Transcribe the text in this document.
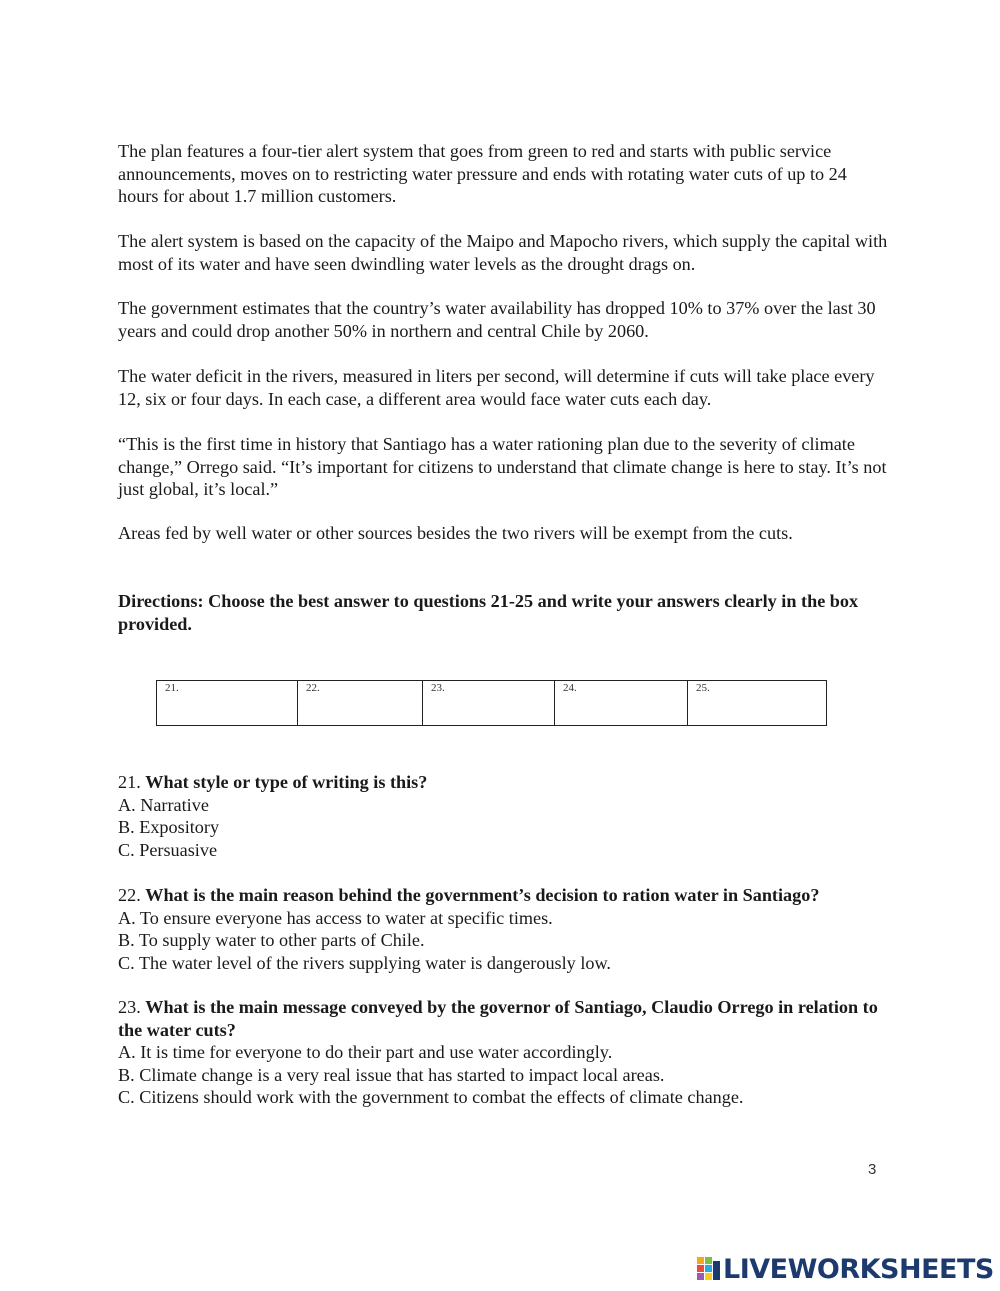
The plan features a four-tier alert system that goes from green to red and starts with public service announcements, moves on to restricting water pressure and ends with rotating water cuts of up to 24 hours for about 1.7 million customers.

The alert system is based on the capacity of the Maipo and Mapocho rivers, which supply the capital with most of its water and have seen dwindling water levels as the drought drags on.

The government estimates that the country’s water availability has dropped 10% to 37% over the last 30 years and could drop another 50% in northern and central Chile by 2060.

The water deficit in the rivers, measured in liters per second, will determine if cuts will take place every 12, six or four days. In each case, a different area would face water cuts each day.

“This is the first time in history that Santiago has a water rationing plan due to the severity of climate change,” Orrego said. “It’s important for citizens to understand that climate change is here to stay. It’s not just global, it’s local.”

Areas fed by well water or other sources besides the two rivers will be exempt from the cuts.

Directions: Choose the best answer to questions 21-25 and write your answers clearly in the box provided.

21.	22.	23.	24.	25.

21. What style or type of writing is this?

A. Narrative

B. Expository

C. Persuasive

22. What is the main reason behind the government’s decision to ration water in Santiago?

A. To ensure everyone has access to water at specific times.

B. To supply water to other parts of Chile.

C. The water level of the rivers supplying water is dangerously low.

23. What is the main message conveyed by the governor of Santiago, Claudio Orrego in relation to the water cuts?

A. It is time for everyone to do their part and use water accordingly.

B. Climate change is a very real issue that has started to impact local areas.

C. Citizens should work with the government to combat the effects of climate change.

3
LIVEWORKSHEETS
